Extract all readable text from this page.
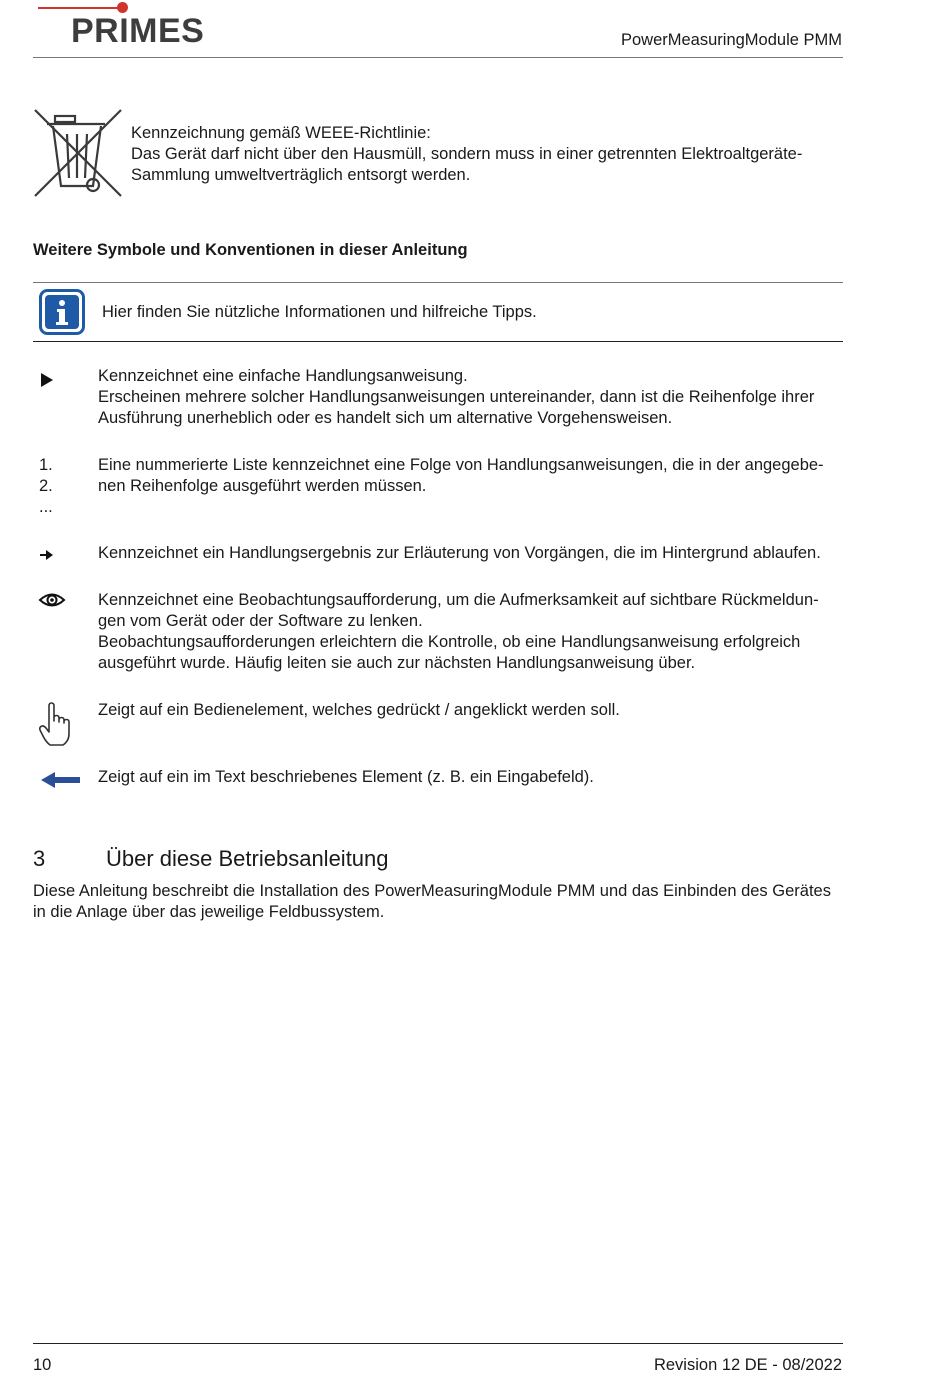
PRIMES	PowerMeasuringModule PMM
Kennzeichnung gemäß WEEE-Richtlinie:
Das Gerät darf nicht über den Hausmüll, sondern muss in einer getrennten Elektroaltgeräte-
Sammlung umweltverträglich entsorgt werden.
Weitere Symbole und Konventionen in dieser Anleitung
Hier finden Sie nützliche Informationen und hilfreiche Tipps.
Kennzeichnet eine einfache Handlungsanweisung.
Erscheinen mehrere solcher Handlungsanweisungen untereinander, dann ist die Reihenfolge ihrer
Ausführung unerheblich oder es handelt sich um alternative Vorgehensweisen.
1.
2.
...
Eine nummerierte Liste kennzeichnet eine Folge von Handlungsanweisungen, die in der angegebe-
nen Reihenfolge ausgeführt werden müssen.
Kennzeichnet ein Handlungsergebnis zur Erläuterung von Vorgängen, die im Hintergrund ablaufen.
Kennzeichnet eine Beobachtungsaufforderung, um die Aufmerksamkeit auf sichtbare Rückmeldun-
gen vom Gerät oder der Software zu lenken.
Beobachtungsaufforderungen erleichtern die Kontrolle, ob eine Handlungsanweisung erfolgreich
ausgeführt wurde. Häufig leiten sie auch zur nächsten Handlungsanweisung über.
Zeigt auf ein Bedienelement, welches gedrückt / angeklickt werden soll.
Zeigt auf ein im Text beschriebenes Element (z. B. ein Eingabefeld).
3	Über diese Betriebsanleitung
Diese Anleitung beschreibt die Installation des PowerMeasuringModule PMM und das Einbinden des Gerätes
in die Anlage über das jeweilige Feldbussystem.
10	Revision 12 DE - 08/2022
